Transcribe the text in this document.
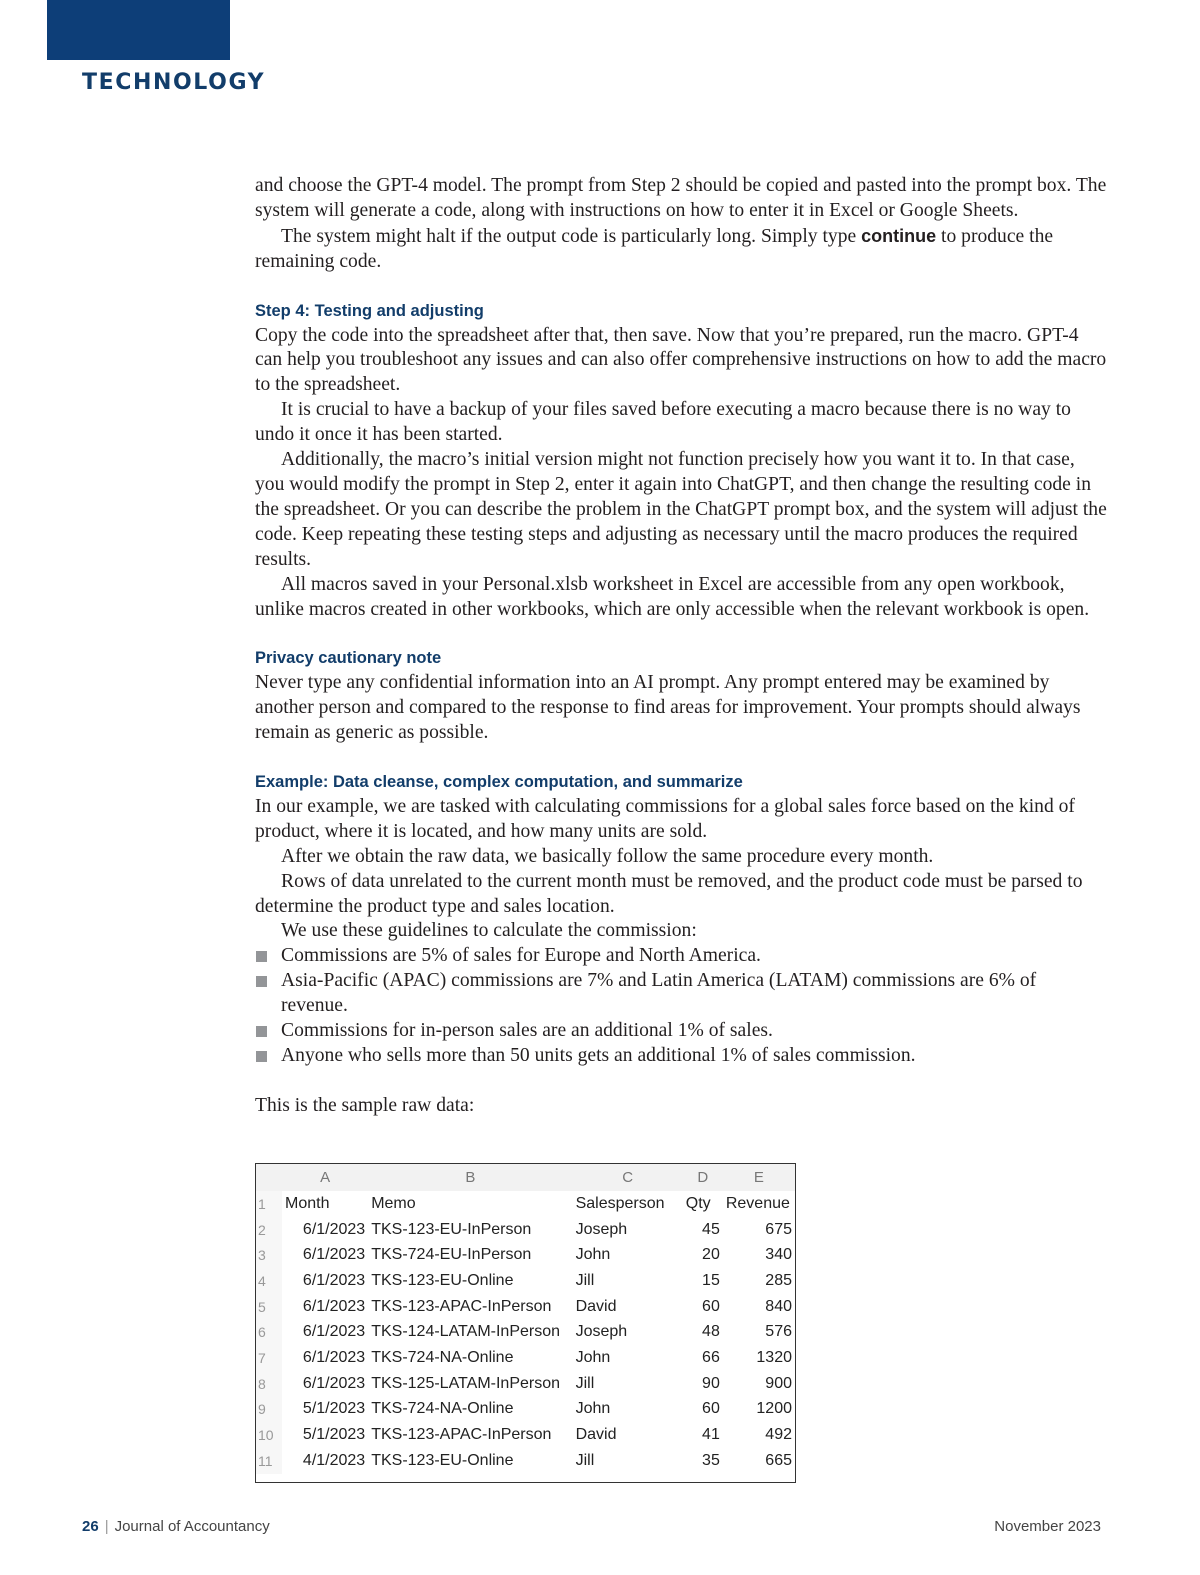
TECHNOLOGY

and choose the GPT-4 model. The prompt from Step 2 should be copied and pasted into the prompt box. The system will generate a code, along with instructions on how to enter it in Excel or Google Sheets.

The system might halt if the output code is particularly long. Simply type continue to produce the remaining code.

Step 4: Testing and adjusting

Copy the code into the spreadsheet after that, then save. Now that you’re prepared, run the macro. GPT-4 can help you troubleshoot any issues and can also offer comprehensive instructions on how to add the macro to the spreadsheet.

It is crucial to have a backup of your files saved before executing a macro because there is no way to undo it once it has been started.

Additionally, the macro’s initial version might not function precisely how you want it to. In that case, you would modify the prompt in Step 2, enter it again into ChatGPT, and then change the resulting code in the spreadsheet. Or you can describe the problem in the ChatGPT prompt box, and the system will adjust the code. Keep repeating these testing steps and adjusting as necessary until the macro produces the required results.

All macros saved in your Personal.xlsb worksheet in Excel are accessible from any open workbook, unlike macros created in other workbooks, which are only accessible when the relevant workbook is open.

Privacy cautionary note

Never type any confidential information into an AI prompt. Any prompt entered may be examined by another person and compared to the response to find areas for improvement. Your prompts should always remain as generic as possible.

Example: Data cleanse, complex computation, and summarize

In our example, we are tasked with calculating commissions for a global sales force based on the kind of product, where it is located, and how many units are sold.

After we obtain the raw data, we basically follow the same procedure every month.

Rows of data unrelated to the current month must be removed, and the product code must be parsed to determine the product type and sales location.

We use these guidelines to calculate the commission:

Commissions are 5% of sales for Europe and North America.
Asia-Pacific (APAC) commissions are 7% and Latin America (LATAM) commissions are 6% of revenue.
Commissions for in-person sales are an additional 1% of sales.
Anyone who sells more than 50 units gets an additional 1% of sales commission.

This is the sample raw data:

	A	B	C	D	E
1	Month	Memo	Salesperson	Qty	Revenue
2	6/1/2023	TKS-123-EU-InPerson	Joseph	45	675
3	6/1/2023	TKS-724-EU-InPerson	John	20	340
4	6/1/2023	TKS-123-EU-Online	Jill	15	285
5	6/1/2023	TKS-123-APAC-InPerson	David	60	840
6	6/1/2023	TKS-124-LATAM-InPerson	Joseph	48	576
7	6/1/2023	TKS-724-NA-Online	John	66	1320
8	6/1/2023	TKS-125-LATAM-InPerson	Jill	90	900
9	5/1/2023	TKS-724-NA-Online	John	60	1200
10	5/1/2023	TKS-123-APAC-InPerson	David	41	492
11	4/1/2023	TKS-123-EU-Online	Jill	35	665
26 | Journal of Accountancy	November 2023
